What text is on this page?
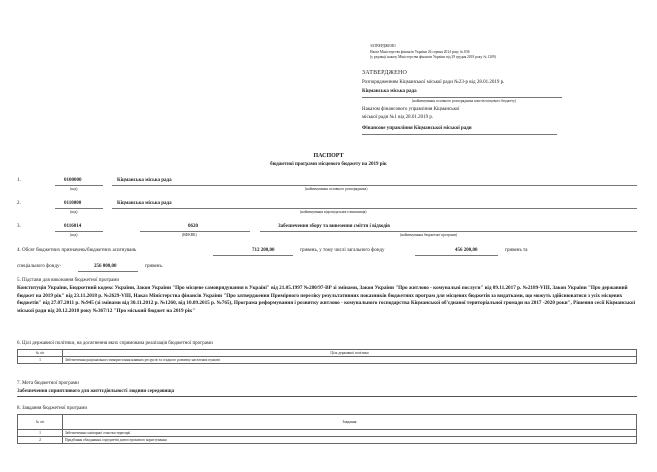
ЗАТВЕРДЖЕНО
Наказ Міністерства фінансів України 26 серпня 2014 року № 836
(у редакції наказу Міністерства фінансів України від 29 грудня 2018 року № 1209)
ЗАТВЕРДЖЕНО
Розпорядженням Кіцманської міської ради №23-р від 28.01.2019 р.
Кіцманська міська рада
(найменування головного розпорядника коштів місцевого бюджету)
Наказом фінансового управління Кіцманської
міської ради №1 від 28.01.2019 р.
Фінансове управління Кіцманської міської ради
ПАСПОРТ
бюджетної програми місцевого бюджету на 2019 рік
1.	0100000	Кіцманська міська рада
(код)	(найменування головного розпорядника)
2.	0110000	Кіцманська міська рада
(код)	(найменування відповідального виконавця)
3.	0116014	0620	Забезпечення збору та вивезення сміття і відходів
(код)	(КФКВК)	(найменування бюджетної програми)
4. Обсяг бюджетних призначень/бюджетних асигнувань	712 200,00	гривень, у тому числі загального фонду	456 200,00	гривень та
спеціального фонду-	256 000,00	гривень.
5. Підстави для виконання бюджетної програми
Конституція України, Бюджетний кодекс України, Закон України "Про місцеве самоврядування в Україні" від 21.05.1997 №280/97-ВР зі змінами, Закон України "Про житлово - комунальні послуги" від 09.11.2017 р. №2189-VIII, Закон України "Про державний бюджет на 2019 рік" від 23.11.2018 р. №2629-VIII, Наказ Міністерства фінансів України "Про затвердження Примірного переліку результативних показників бюджетних програм для місцевих бюджетів за видатками, що можуть здійснюватися з усіх місцевих бюджетів" від 27.07.2011 р. №945 (зі змінами від 30.11.2012 р. №1260, від 10.09.2015 р. №765), Програма реформування і розвитку житлово - комунального господарства Кіцманської об'єднаної територіальної громади на 2017 -2020 роки", Рішення сесії Кіцманської міської ради від 20.12.2018 року №367/12 "Про міський бюджет на 2019 рік"
6. Цілі державної політики, на досягнення яких спрямована реалізація бюджетної програми
№ з/п	Ціль державної політики
1	Забезпечення раціонального використання наявних ресурсів та стадного розвитку населених пунктів
7. Мета бюджетної програми
Забезпечення сприятливого для життєдіяльності людини середовища
8. Завдання бюджетної програми
№ з/п	Завдання
1	Забезпечення санітарної очистки території
2	Придбання обладнання і предметів довгострокового користування
